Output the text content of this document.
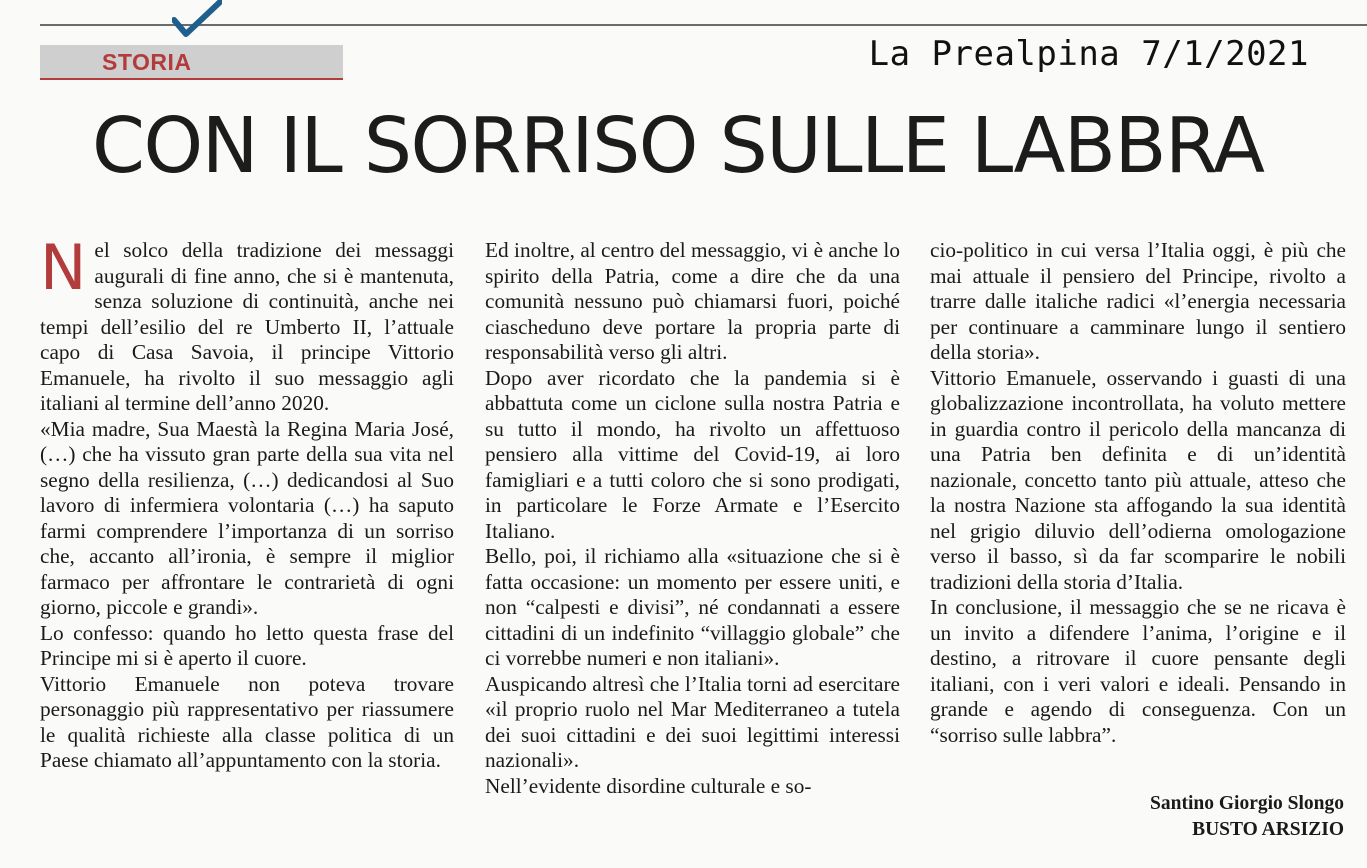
STORIA	La Prealpina 7/1/2021
CON IL SORRISO SULLE LABBRA

Nel solco della tradizione dei messaggi augurali di fine anno, che si è mantenuta, senza soluzione di continuità, anche nei tempi dell’esilio del re Umberto II, l’attuale capo di Casa Savoia, il principe Vittorio Emanuele, ha rivolto il suo messaggio agli italiani al termine dell’anno 2020.

«Mia madre, Sua Maestà la Regina Maria José, (…) che ha vissuto gran parte della sua vita nel segno della resilienza, (…) dedicandosi al Suo lavoro di infermiera volontaria (…) ha saputo farmi comprendere l’importanza di un sorriso che, accanto all’ironia, è sempre il miglior farmaco per affrontare le contrarietà di ogni giorno, piccole e grandi».

Lo confesso: quando ho letto questa frase del Principe mi si è aperto il cuore.

Vittorio Emanuele non poteva trovare personaggio più rappresentativo per riassumere le qualità richieste alla classe politica di un Paese chiamato all’appuntamento con la storia.

Ed inoltre, al centro del messaggio, vi è anche lo spirito della Patria, come a dire che da una comunità nessuno può chiamarsi fuori, poiché ciascheduno deve portare la propria parte di responsabilità verso gli altri.

Dopo aver ricordato che la pandemia si è abbattuta come un ciclone sulla nostra Patria e su tutto il mondo, ha rivolto un affettuoso pensiero alla vittime del Covid-19, ai loro famigliari e a tutti coloro che si sono prodigati, in particolare le Forze Armate e l’Esercito Italiano.

Bello, poi, il richiamo alla «situazione che si è fatta occasione: un momento per essere uniti, e non “calpesti e divisi”, né condannati a essere cittadini di un indefinito “villaggio globale” che ci vorrebbe numeri e non italiani».

Auspicando altresì che l’Italia torni ad esercitare «il proprio ruolo nel Mar Mediterraneo a tutela dei suoi cittadini e dei suoi legittimi interessi nazionali».

Nell’evidente disordine culturale e so-

cio-politico in cui versa l’Italia oggi, è più che mai attuale il pensiero del Principe, rivolto a trarre dalle italiche radici «l’energia necessaria per continuare a camminare lungo il sentiero della storia».

Vittorio Emanuele, osservando i guasti di una globalizzazione incontrollata, ha voluto mettere in guardia contro il pericolo della mancanza di una Patria ben definita e di un’identità nazionale, concetto tanto più attuale, atteso che la nostra Nazione sta affogando la sua identità nel grigio diluvio dell’odierna omologazione verso il basso, sì da far scomparire le nobili tradizioni della storia d’Italia.

In conclusione, il messaggio che se ne ricava è un invito a difendere l’anima, l’origine e il destino, a ritrovare il cuore pensante degli italiani, con i veri valori e ideali. Pensando in grande e agendo di conseguenza. Con un “sorriso sulle labbra”.

Santino Giorgio Slongo
BUSTO ARSIZIO
